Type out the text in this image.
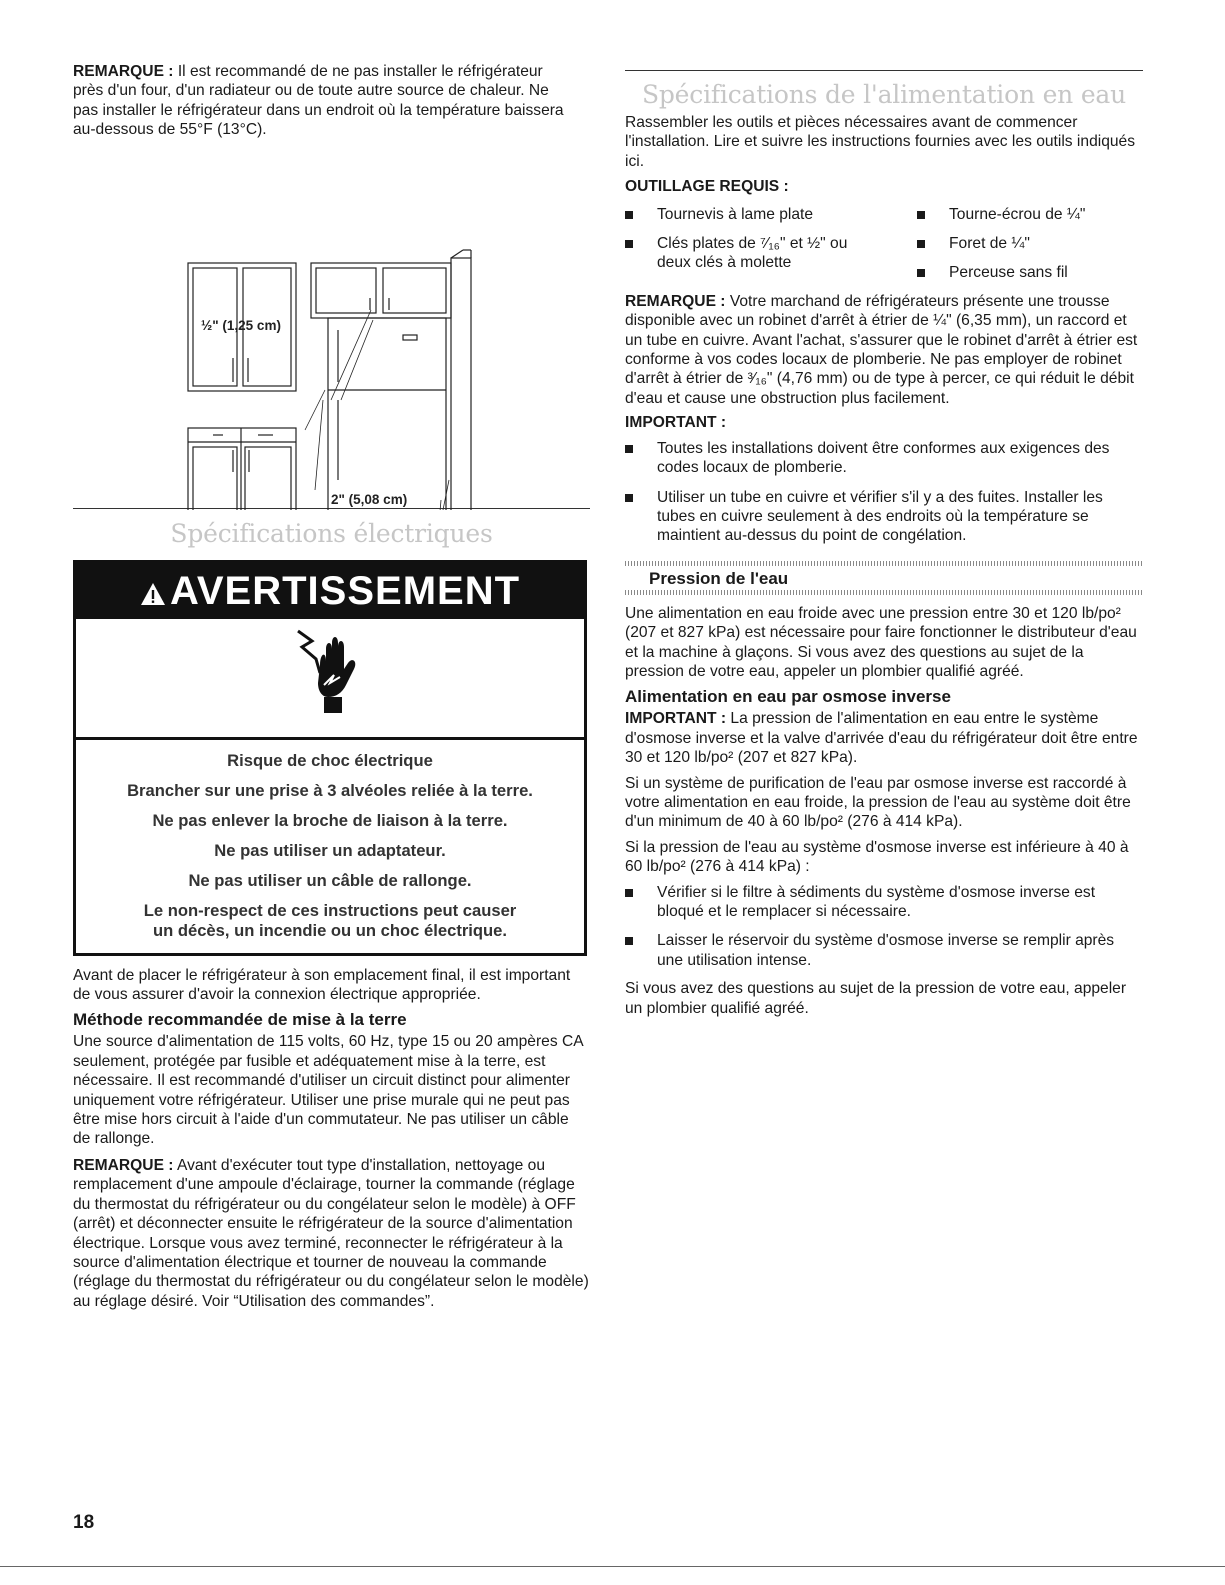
REMARQUE : Il est recommandé de ne pas installer le réfrigérateur près d'un four, d'un radiateur ou de toute autre source de chaleur. Ne pas installer le réfrigérateur dans un endroit où la température baissera au-dessous de 55°F (13°C).

½" (1,25 cm)
2" (5,08 cm)
Spécifications électriques
AVERTISSEMENT

Risque de choc électrique

Brancher sur une prise à 3 alvéoles reliée à la terre.

Ne pas enlever la broche de liaison à la terre.

Ne pas utiliser un adaptateur.

Ne pas utiliser un câble de rallonge.

Le non-respect de ces instructions peut causer

un décès, un incendie ou un choc électrique.

Avant de placer le réfrigérateur à son emplacement final, il est important de vous assurer d'avoir la connexion électrique appropriée.

Méthode recommandée de mise à la terre

Une source d'alimentation de 115 volts, 60 Hz, type 15 ou 20 ampères CA seulement, protégée par fusible et adéquatement mise à la terre, est nécessaire. Il est recommandé d'utiliser un circuit distinct pour alimenter uniquement votre réfrigérateur. Utiliser une prise murale qui ne peut pas être mise hors circuit à l'aide d'un commutateur. Ne pas utiliser un câble de rallonge.

REMARQUE : Avant d'exécuter tout type d'installation, nettoyage ou remplacement d'une ampoule d'éclairage, tourner la commande (réglage du thermostat du réfrigérateur ou du congélateur selon le modèle) à OFF (arrêt) et déconnecter ensuite le réfrigérateur de la source d'alimentation électrique. Lorsque vous avez terminé, reconnecter le réfrigérateur à la source d'alimentation électrique et tourner de nouveau la commande (réglage du thermostat du réfrigérateur ou du congélateur selon le modèle) au réglage désiré. Voir “Utilisation des commandes”.

Spécifications de l'alimentation en eau

Rassembler les outils et pièces nécessaires avant de commencer l'installation. Lire et suivre les instructions fournies avec les outils indiqués ici.

OUTILLAGE REQUIS :

Tournevis à lame plate
Clés plates de ⁷⁄₁₆" et ½" ou deux clés à molette
Tourne-écrou de ¼"
Foret de ¼"
Perceuse sans fil

REMARQUE : Votre marchand de réfrigérateurs présente une trousse disponible avec un robinet d'arrêt à étrier de ¼" (6,35 mm), un raccord et un tube en cuivre. Avant l'achat, s'assurer que le robinet d'arrêt à étrier est conforme à vos codes locaux de plomberie. Ne pas employer de robinet d'arrêt à étrier de ³⁄₁₆" (4,76 mm) ou de type à percer, ce qui réduit le débit d'eau et cause une obstruction plus facilement.

IMPORTANT :

Toutes les installations doivent être conformes aux exigences des codes locaux de plomberie.
Utiliser un tube en cuivre et vérifier s'il y a des fuites. Installer les tubes en cuivre seulement à des endroits où la température se maintient au-dessus du point de congélation.
Pression de l'eau

Une alimentation en eau froide avec une pression entre 30 et 120 lb/po² (207 et 827 kPa) est nécessaire pour faire fonctionner le distributeur d'eau et la machine à glaçons. Si vous avez des questions au sujet de la pression de votre eau, appeler un plombier qualifié agréé.

Alimentation en eau par osmose inverse

IMPORTANT : La pression de l'alimentation en eau entre le système d'osmose inverse et la valve d'arrivée d'eau du réfrigérateur doit être entre 30 et 120 lb/po² (207 et 827 kPa).

Si un système de purification de l'eau par osmose inverse est raccordé à votre alimentation en eau froide, la pression de l'eau au système doit être d'un minimum de 40 à 60 lb/po² (276 à 414 kPa).

Si la pression de l'eau au système d'osmose inverse est inférieure à 40 à 60 lb/po² (276 à 414 kPa) :

Vérifier si le filtre à sédiments du système d'osmose inverse est bloqué et le remplacer si nécessaire.
Laisser le réservoir du système d'osmose inverse se remplir après une utilisation intense.

Si vous avez des questions au sujet de la pression de votre eau, appeler un plombier qualifié agréé.

18
